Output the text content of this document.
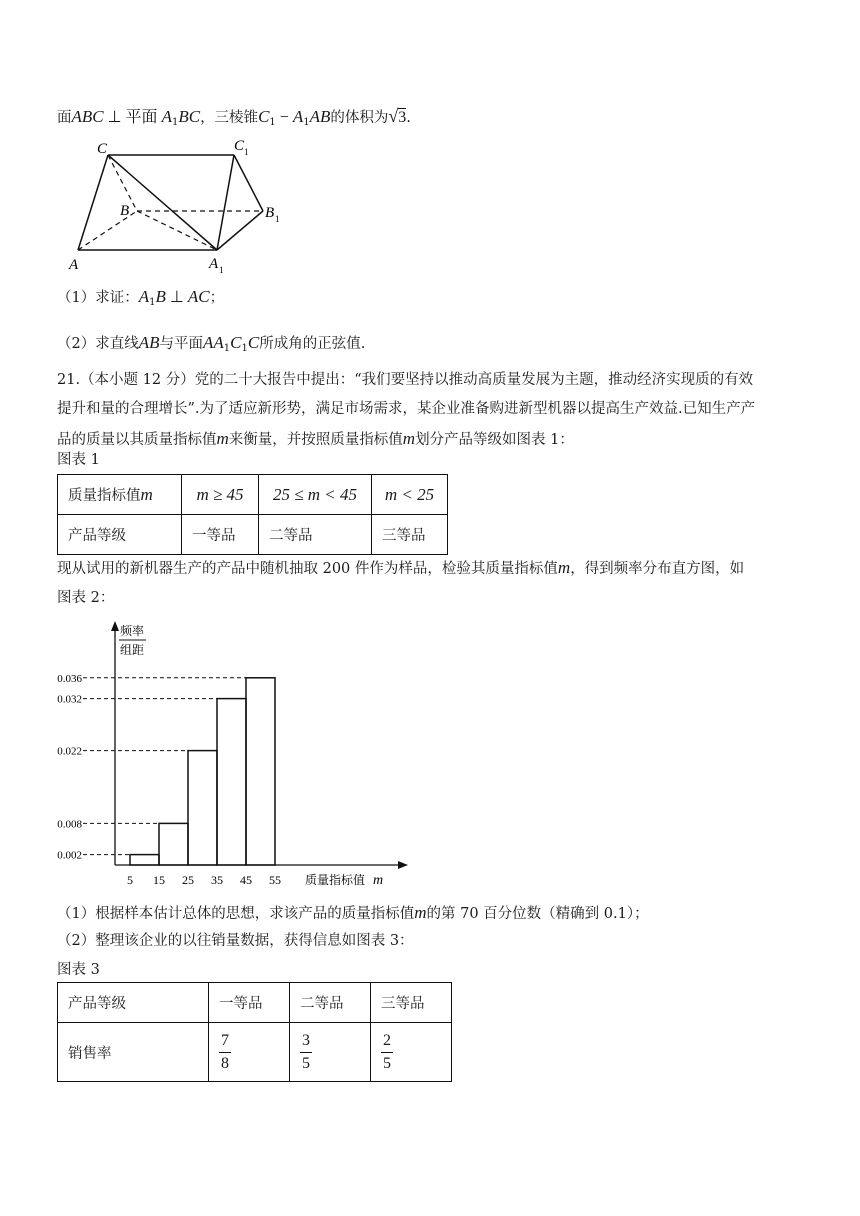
面ABC ⊥ 平面 $A_1BC$，三棱锥$C_1 - A_1AB$的体积为√3.
C	C 1
B	B 1
A	A 1
（1）求证：$A_1B$ ⊥ AC；
（2）求直线AB与平面$AA_1C_1C$所成角的正弦值.
21.（本小题 12 分）党的二十大报告中提出：“我们要坚持以推动高质量发展为主题，推动经济实现质的有效
提升和量的合理增长”.为了适应新形势，满足市场需求，某企业准备购进新型机器以提高生产效益.已知生产产
品的质量以其质量指标值m来衡量，并按照质量指标值m划分产品等级如图表 1：
图表 1
质量指标值m	m ≥ 45	25 ≤ m < 45	m < 25
产品等级	一等品	二等品	三等品
现从试用的新机器生产的产品中随机抽取 200 件作为样品，检验其质量指标值m，得到频率分布直方图，如
图表 2：
频率
组距
0.002
0.008
0.022
0.032
0.036
5 15 25 35 45 55 质量指标值 m
（1）根据样本估计总体的思想，求该产品的质量指标值m的第 70 百分位数（精确到 0.1）；
（2）整理该企业的以往销量数据，获得信息如图表 3：
图表 3
产品等级	一等品	二等品	三等品
销售率	$\frac{7}{8}$	$\frac{3}{5}$	$\frac{2}{5}$
